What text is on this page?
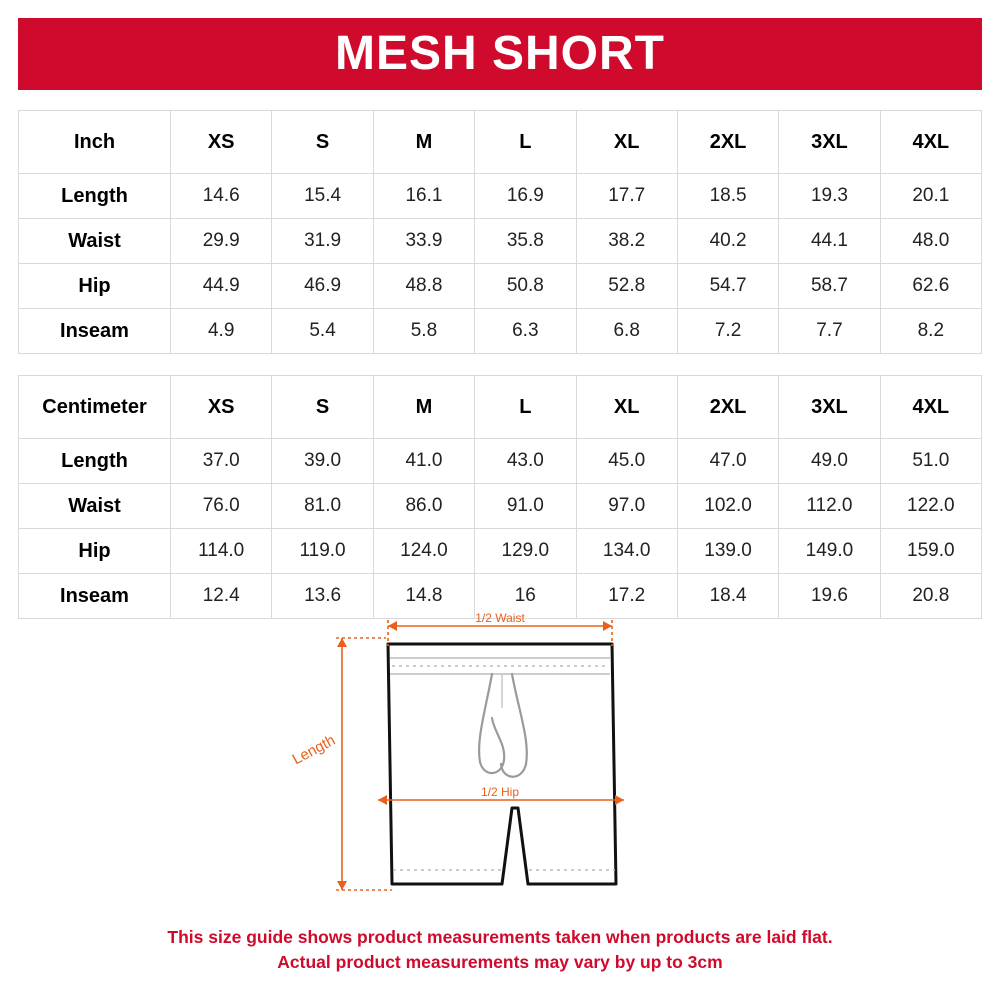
MESH SHORT
Inch	XS	S	M	L	XL	2XL	3XL	4XL
Length	14.6	15.4	16.1	16.9	17.7	18.5	19.3	20.1
Waist	29.9	31.9	33.9	35.8	38.2	40.2	44.1	48.0
Hip	44.9	46.9	48.8	50.8	52.8	54.7	58.7	62.6
Inseam	4.9	5.4	5.8	6.3	6.8	7.2	7.7	8.2
Centimeter	XS	S	M	L	XL	2XL	3XL	4XL
Length	37.0	39.0	41.0	43.0	45.0	47.0	49.0	51.0
Waist	76.0	81.0	86.0	91.0	97.0	102.0	112.0	122.0
Hip	114.0	119.0	124.0	129.0	134.0	139.0	149.0	159.0
Inseam	12.4	13.6	14.8	16	17.2	18.4	19.6	20.8
1/2 Waist
Length
1/2 Hip
This size guide shows product measurements taken when products are laid flat.
Actual product measurements may vary by up to 3cm
